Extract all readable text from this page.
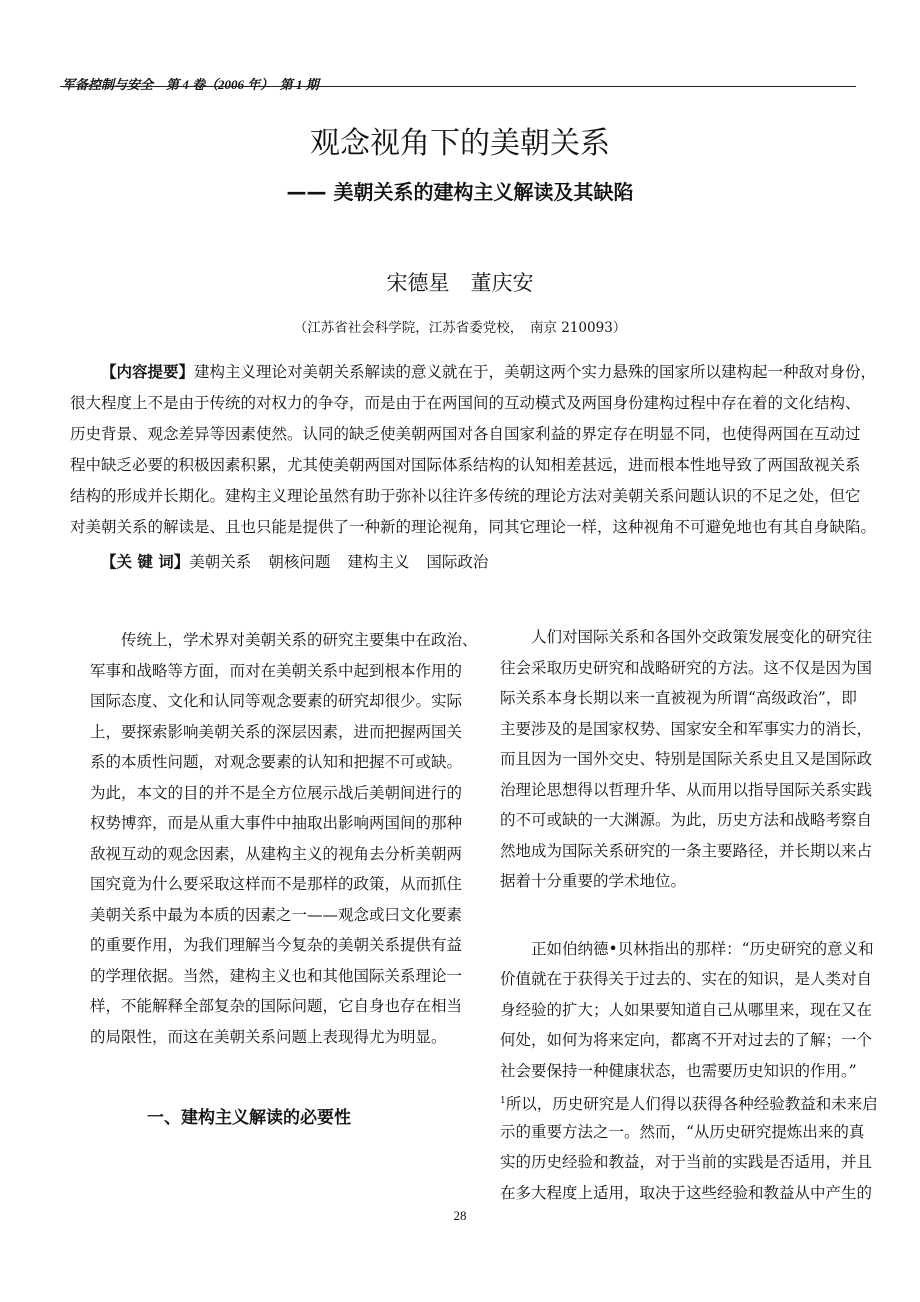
军备控制与安全　第 4 卷（2006 年）　第 1 期
观念视角下的美朝关系
—— 美朝关系的建构主义解读及其缺陷
宋德星　董庆安
（江苏省社会科学院，江苏省委党校，　南京 210093）
【内容提要】建构主义理论对美朝关系解读的意义就在于，美朝这两个实力悬殊的国家所以建构起一种敌对身份，
很大程度上不是由于传统的对权力的争夺，而是由于在两国间的互动模式及两国身份建构过程中存在着的文化结构、
历史背景、观念差异等因素使然。认同的缺乏使美朝两国对各自国家利益的界定存在明显不同，也使得两国在互动过
程中缺乏必要的积极因素积累，尤其使美朝两国对国际体系结构的认知相差甚远，进而根本性地导致了两国敌视关系
结构的形成并长期化。建构主义理论虽然有助于弥补以往许多传统的理论方法对美朝关系问题认识的不足之处，但它
对美朝关系的解读是、且也只能是提供了一种新的理论视角，同其它理论一样，这种视角不可避免地也有其自身缺陷。
【关 键 词】美朝关系 朝核问题 建构主义 国际政治
传统上，学术界对美朝关系的研究主要集中在政治、
军事和战略等方面，而对在美朝关系中起到根本作用的
国际态度、文化和认同等观念要素的研究却很少。实际
上，要探索影响美朝关系的深层因素，进而把握两国关
系的本质性问题，对观念要素的认知和把握不可或缺。
为此，本文的目的并不是全方位展示战后美朝间进行的
权势博弈，而是从重大事件中抽取出影响两国间的那种
敌视互动的观念因素，从建构主义的视角去分析美朝两
国究竟为什么要采取这样而不是那样的政策，从而抓住
美朝关系中最为本质的因素之一——观念或曰文化要素
的重要作用，为我们理解当今复杂的美朝关系提供有益
的学理依据。当然，建构主义也和其他国际关系理论一
样，不能解释全部复杂的国际问题，它自身也存在相当
的局限性，而这在美朝关系问题上表现得尤为明显。
一、建构主义解读的必要性
人们对国际关系和各国外交政策发展变化的研究往
往会采取历史研究和战略研究的方法。这不仅是因为国
际关系本身长期以来一直被视为所谓“高级政治”，即
主要涉及的是国家权势、国家安全和军事实力的消长，
而且因为一国外交史、特别是国际关系史且又是国际政
治理论思想得以哲理升华、从而用以指导国际关系实践
的不可或缺的一大渊源。为此，历史方法和战略考察自
然地成为国际关系研究的一条主要路径，并长期以来占
据着十分重要的学术地位。
正如伯纳德•贝林指出的那样：“历史研究的意义和
价值就在于获得关于过去的、实在的知识，是人类对自
身经验的扩大；人如果要知道自己从哪里来，现在又在
何处，如何为将来定向，都离不开对过去的了解；一个
社会要保持一种健康状态，也需要历史知识的作用。”
$^1$所以，历史研究是人们得以获得各种经验教益和未来启
示的重要方法之一。然而，“从历史研究提炼出来的真
实的历史经验和教益，对于当前的实践是否适用，并且
在多大程度上适用，取决于这些经验和教益从中产生的
28
